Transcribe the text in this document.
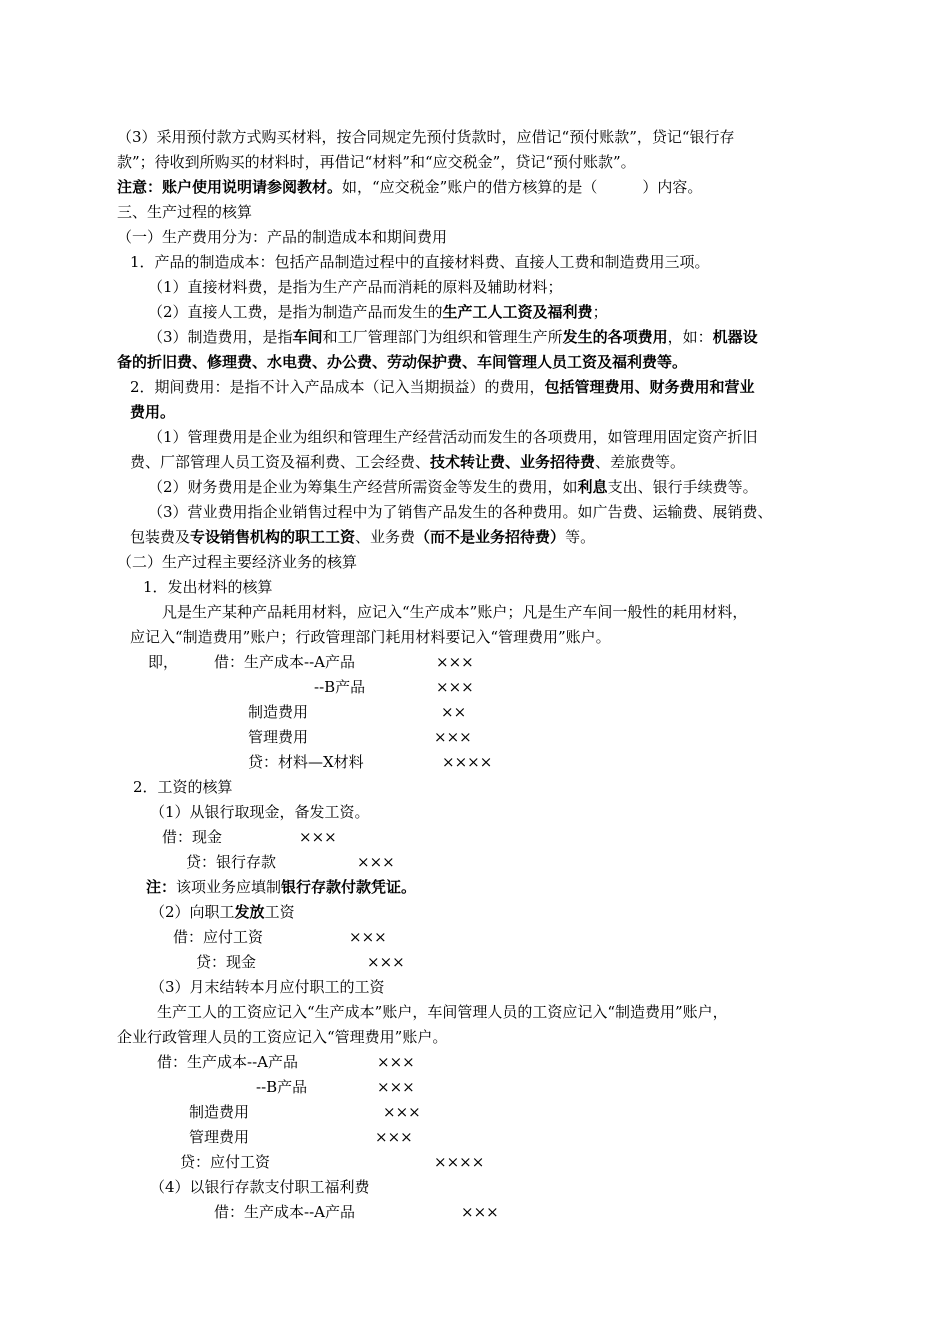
（3）采用预付款方式购买材料，按合同规定先预付货款时，应借记“预付账款”，贷记“银行存
款”；待收到所购买的材料时，再借记“材料”和“应交税金”，贷记“预付账款”。
注意：账户使用说明请参阅教材。如，“应交税金”账户的借方核算的是（　　　）内容。
三、生产过程的核算
（一）生产费用分为：产品的制造成本和期间费用
1．产品的制造成本：包括产品制造过程中的直接材料费、直接人工费和制造费用三项。
（1）直接材料费，是指为生产产品而消耗的原料及辅助材料；
（2）直接人工费，是指为制造产品而发生的生产工人工资及福利费；
（3）制造费用，是指车间和工厂管理部门为组织和管理生产所发生的各项费用，如：机器设
备的折旧费、修理费、水电费、办公费、劳动保护费、车间管理人员工资及福利费等。
2．期间费用：是指不计入产品成本（记入当期损益）的费用，包括管理费用、财务费用和营业
费用。
（1）管理费用是企业为组织和管理生产经营活动而发生的各项费用，如管理用固定资产折旧
费、厂部管理人员工资及福利费、工会经费、技术转让费、业务招待费、差旅费等。
（2）财务费用是企业为筹集生产经营所需资金等发生的费用，如利息支出、银行手续费等。
（3）营业费用指企业销售过程中为了销售产品发生的各种费用。如广告费、运输费、展销费、
包装费及专设销售机构的职工工资、业务费（而不是业务招待费）等。
（二）生产过程主要经济业务的核算
1．发出材料的核算
凡是生产某种产品耗用材料，应记入“生产成本”账户；凡是生产车间一般性的耗用材料，
应记入“制造费用”账户；行政管理部门耗用材料要记入“管理费用”账户。
即， 借：生产成本--A产品	×××
--B产品	×××
制造费用	××
管理费用	×××
贷：材料—X材料	××××
2．工资的核算
（1）从银行取现金，备发工资。
借：现金	×××
贷：银行存款	×××
注：该项业务应填制银行存款付款凭证。
（2）向职工发放工资
借：应付工资	×××
贷：现金	×××
（3）月末结转本月应付职工的工资
生产工人的工资应记入“生产成本”账户，车间管理人员的工资应记入“制造费用”账户，
企业行政管理人员的工资应记入“管理费用”账户。
借：生产成本--A产品	×××
--B产品	×××
制造费用	×××
管理费用	×××
贷：应付工资	××××
（4）以银行存款支付职工福利费
借：生产成本--A产品	×××
